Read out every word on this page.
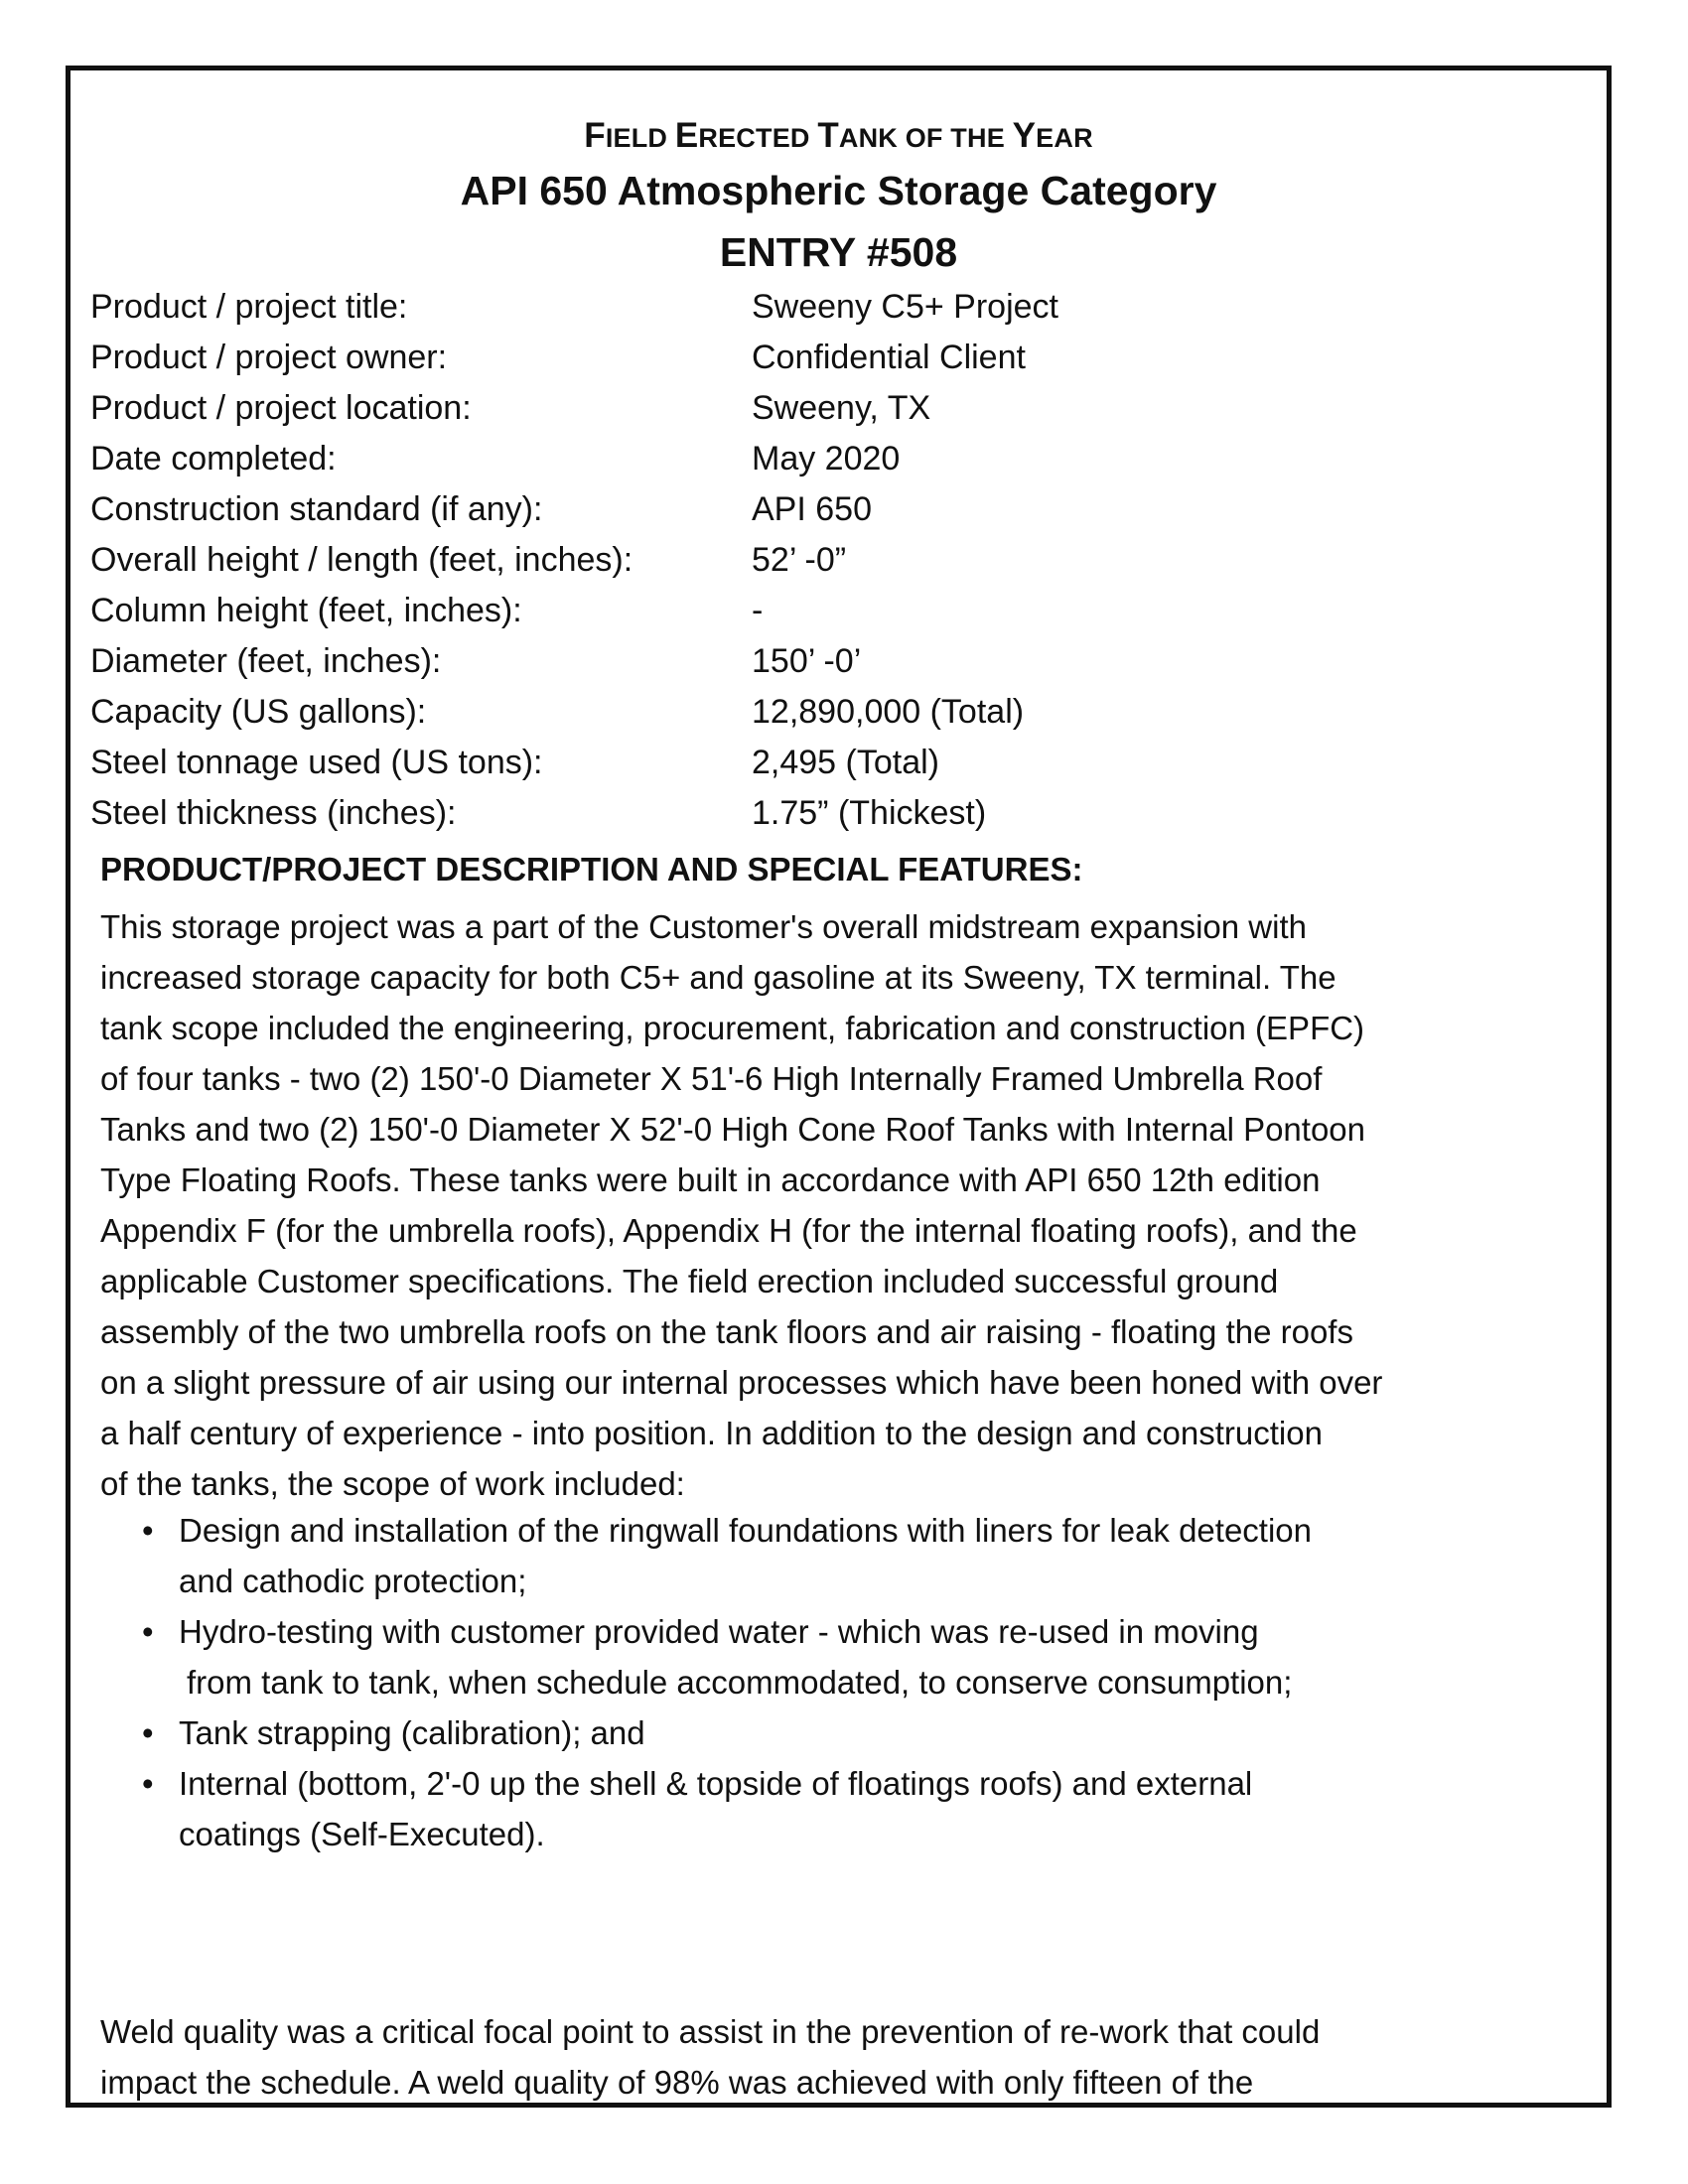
FIELD ERECTED TANK OF THE YEAR
API 650 Atmospheric Storage Category
ENTRY #508
Product / project title:	Sweeny C5+ Project
Product / project owner:	Confidential Client
Product / project location:	Sweeny, TX
Date completed:	May 2020
Construction standard (if any):	API 650
Overall height / length (feet, inches):	52’ -0”
Column height (feet, inches):	-
Diameter (feet, inches):	150’ -0’
Capacity (US gallons):	12,890,000 (Total)
Steel tonnage used (US tons):	2,495 (Total)
Steel thickness (inches):	1.75” (Thickest)
PRODUCT/PROJECT DESCRIPTION AND SPECIAL FEATURES:
This storage project was a part of the Customer's overall midstream expansion with
increased storage capacity for both C5+ and gasoline at its Sweeny, TX terminal. The
tank scope included the engineering, procurement, fabrication and construction (EPFC)
of four tanks - two (2) 150'-0 Diameter X 51'-6 High Internally Framed Umbrella Roof
Tanks and two (2) 150'-0 Diameter X 52'-0 High Cone Roof Tanks with Internal Pontoon
Type Floating Roofs. These tanks were built in accordance with API 650 12th edition
Appendix F (for the umbrella roofs), Appendix H (for the internal floating roofs), and the
applicable Customer specifications. The field erection included successful ground
assembly of the two umbrella roofs on the tank floors and air raising - floating the roofs
on a slight pressure of air using our internal processes which have been honed with over
a half century of experience - into position. In addition to the design and construction
of the tanks, the scope of work included:
• Design and installation of the ringwall foundations with liners for leak detection
and cathodic protection;
• Hydro-testing with customer provided water - which was re-used in moving
from tank to tank, when schedule accommodated, to conserve consumption;
• Tank strapping (calibration); and
• Internal (bottom, 2'-0 up the shell & topside of floatings roofs) and external
coatings (Self-Executed).
Weld quality was a critical focal point to assist in the prevention of re-work that could
impact the schedule. A weld quality of 98% was achieved with only fifteen of the
